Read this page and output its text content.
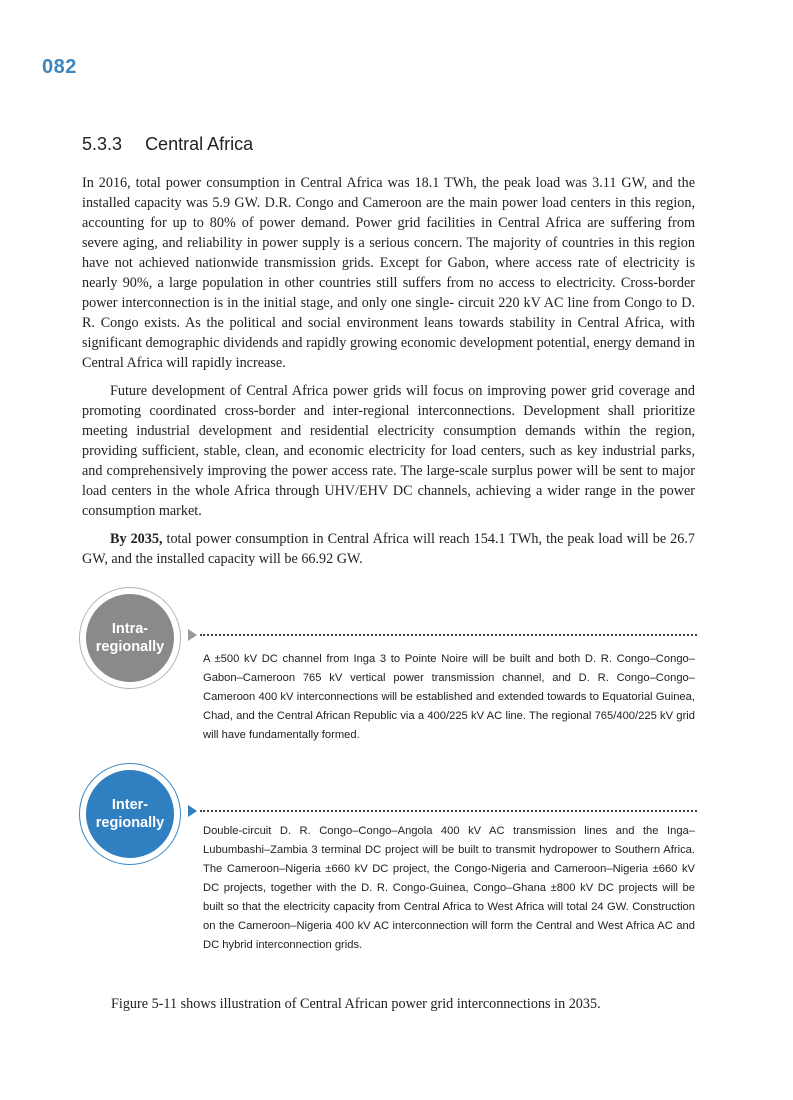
082
5.3.3 Central Africa

In 2016, total power consumption in Central Africa was 18.1 TWh, the peak load was 3.11 GW, and the installed capacity was 5.9 GW. D.R. Congo and Cameroon are the main power load centers in this region, accounting for up to 80% of power demand. Power grid facilities in Central Africa are suffering from severe aging, and reliability in power supply is a serious concern. The majority of countries in this region have not achieved nationwide transmission grids. Except for Gabon, where access rate of electricity is nearly 90%, a large population in other countries still suffers from no access to electricity. Cross-border power interconnection is in the initial stage, and only one single- circuit 220 kV AC line from Congo to D. R. Congo exists. As the political and social environment leans towards stability in Central Africa, with significant demographic dividends and rapidly growing economic development potential, energy demand in Central Africa will rapidly increase.

Future development of Central Africa power grids will focus on improving power grid coverage and promoting coordinated cross-border and inter-regional interconnections. Development shall prioritize meeting industrial development and residential electricity consumption demands within the region, providing sufficient, stable, clean, and economic electricity for load centers, such as key industrial parks, and comprehensively improving the power access rate. The large-scale surplus power will be sent to major load centers in the whole Africa through UHV/EHV DC channels, achieving a wider range in the power consumption market.

By 2035, total power consumption in Central Africa will reach 154.1 TWh, the peak load will be 26.7 GW, and the installed capacity will be 66.92 GW.

Intra-
regionally

A ±500 kV DC channel from Inga 3 to Pointe Noire will be built and both D. R. Congo–Congo–Gabon–Cameroon 765 kV vertical power transmission channel, and D. R. Congo–Congo–Cameroon 400 kV interconnections will be established and extended towards to Equatorial Guinea, Chad, and the Central African Republic via a 400/225 kV AC line. The regional 765/400/225 kV grid will have fundamentally formed.

Inter-
regionally	Double-circuit D. R. Congo–Congo–Angola 400 kV AC transmission lines and the Inga–Lubumbashi–Zambia 3 terminal DC project will be built to transmit hydropower to Southern Africa. The Cameroon–Nigeria ±660 kV DC project, the Congo-Nigeria and Cameroon–Nigeria ±660 kV DC projects, together with the D. R. Congo-Guinea, Congo–Ghana ±800 kV DC projects will be built so that the electricity capacity from Central Africa to West Africa will total 24 GW. Construction on the Cameroon–Nigeria 400 kV AC interconnection will form the Central and West Africa AC and DC hybrid interconnection grids.

Figure 5-11 shows illustration of Central African power grid interconnections in 2035.
